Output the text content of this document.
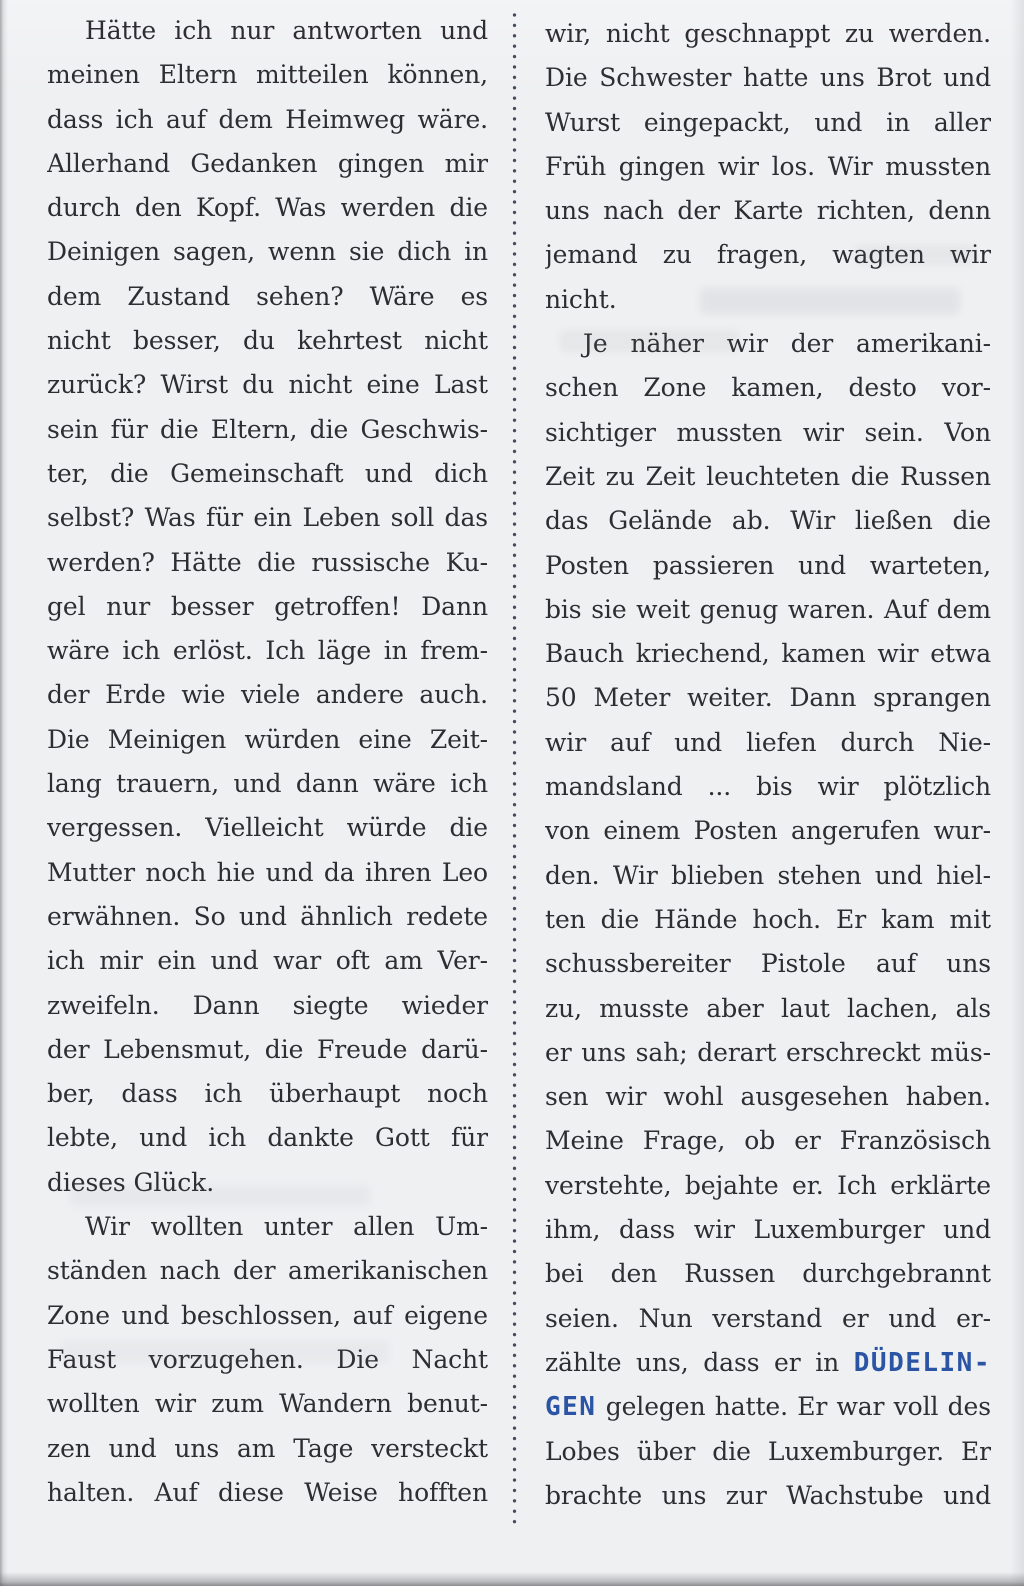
Hätte ich nur antworten und
meinen Eltern mitteilen können,
dass ich auf dem Heimweg wäre.
Allerhand Gedanken gingen mir
durch den Kopf. Was werden die
Deinigen sagen, wenn sie dich in
dem Zustand sehen? Wäre es
nicht besser, du kehrtest nicht
zurück? Wirst du nicht eine Last
sein für die Eltern, die Geschwis-
ter, die Gemeinschaft und dich
selbst? Was für ein Leben soll das
werden? Hätte die russische Ku-
gel nur besser getroffen! Dann
wäre ich erlöst. Ich läge in frem-
der Erde wie viele andere auch.
Die Meinigen würden eine Zeit-
lang trauern, und dann wäre ich
vergessen. Vielleicht würde die
Mutter noch hie und da ihren Leo
erwähnen. So und ähnlich redete
ich mir ein und war oft am Ver-
zweifeln. Dann siegte wieder
der Lebensmut, die Freude darü-
ber, dass ich überhaupt noch
lebte, und ich dankte Gott für
dieses Glück.
Wir wollten unter allen Um-
ständen nach der amerikanischen
Zone und beschlossen, auf eigene
Faust vorzugehen. Die Nacht
wollten wir zum Wandern benut-
zen und uns am Tage versteckt
halten. Auf diese Weise hofften
wir, nicht geschnappt zu werden.
Die Schwester hatte uns Brot und
Wurst eingepackt, und in aller
Früh gingen wir los. Wir mussten
uns nach der Karte richten, denn
jemand zu fragen, wagten wir
nicht.
Je näher wir der amerikani-
schen Zone kamen, desto vor-
sichtiger mussten wir sein. Von
Zeit zu Zeit leuchteten die Russen
das Gelände ab. Wir ließen die
Posten passieren und warteten,
bis sie weit genug waren. Auf dem
Bauch kriechend, kamen wir etwa
50 Meter weiter. Dann sprangen
wir auf und liefen durch Nie-
mandsland ... bis wir plötzlich
von einem Posten angerufen wur-
den. Wir blieben stehen und hiel-
ten die Hände hoch. Er kam mit
schussbereiter Pistole auf uns
zu, musste aber laut lachen, als
er uns sah; derart erschreckt müs-
sen wir wohl ausgesehen haben.
Meine Frage, ob er Französisch
verstehte, bejahte er. Ich erklärte
ihm, dass wir Luxemburger und
bei den Russen durchgebrannt
seien. Nun verstand er und er-
zählte uns, dass er in DÜDELIN-
GEN gelegen hatte. Er war voll des
Lobes über die Luxemburger. Er
brachte uns zur Wachstube und
